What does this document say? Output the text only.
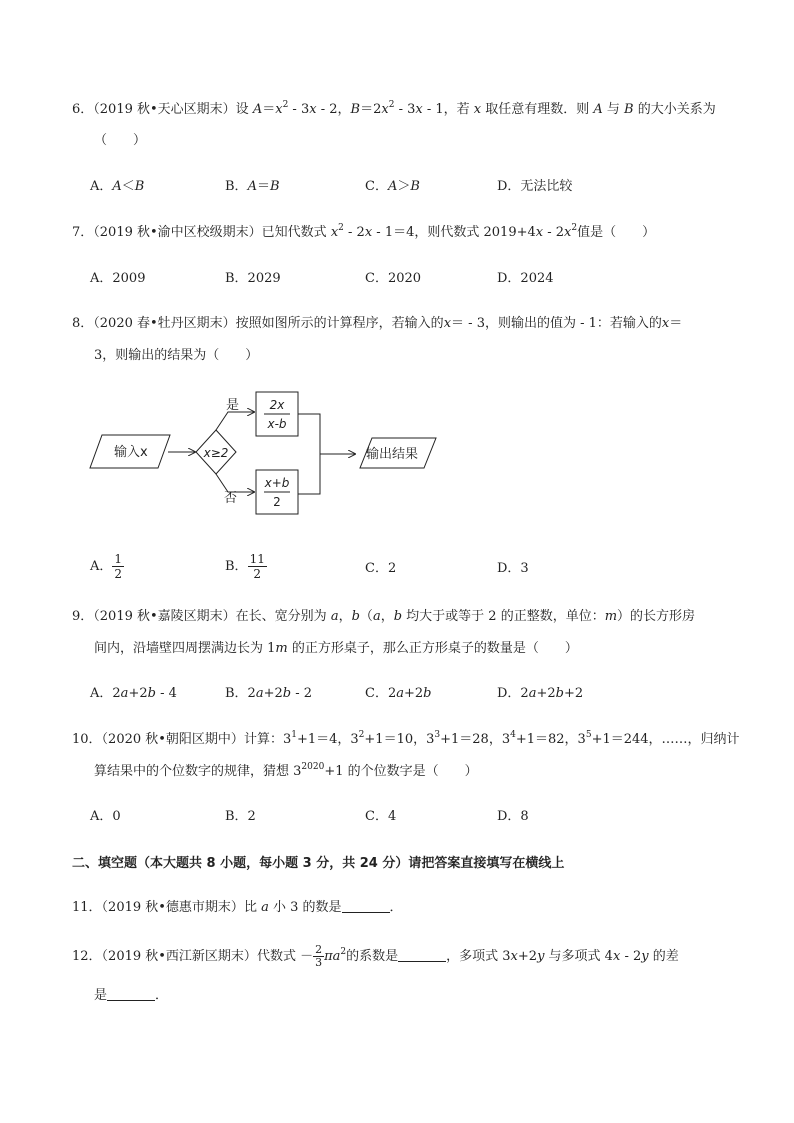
6．（2019 秋•天心区期末）设 $A=x^2 - 3x - 2$，$B=2x^2 - 3x - 1$，若 x 取任意有理数．则 A 与 B 的大小关系为
（　　）
A．A＜B	B．A＝B	C．A＞B	D．无法比较
7．（2019 秋•渝中区校级期末）已知代数式 $x^2 - 2x - 1=4$，则代数式 $2019+4x - 2x^2$值是（　　）
A．2009	B．2029	C．2020	D．2024
8．（2020 春•牡丹区期末）按照如图所示的计算程序，若输入的x＝ - 3，则输出的值为 - 1：若输入的x＝
3，则输出的结果为（　　）
输入x	x≥2
是
否
2x
x-b
x+b
2
输出结果
A． $\frac{1}{2}$	B． $\frac{11}{2}$	C．2	D．3
9．（2019 秋•嘉陵区期末）在长、宽分别为 a，b（a，b 均大于或等于 2 的正整数，单位：m）的长方形房
间内，沿墙壁四周摆满边长为 1m 的正方形桌子，那么正方形桌子的数量是（　　）
A．2a+2b - 4	B．2a+2b - 2	C．2a+2b	D．2a+2b+2
10．（2020 秋•朝阳区期中）计算：$3^1+1=4$，$3^2+1=10$，$3^3+1=28$，$3^4+1=82$，$3^5+1=244$，……，归纳计
算结果中的个位数字的规律，猜想 $3^{2020}+1$ 的个位数字是（　　）
A．0	B．2	C．4	D．8
二、填空题（本大题共 8 小题，每小题 3 分，共 24 分）请把答案直接填写在横线上
11．（2019 秋•德惠市期末）比 a 小 3 的数是	．
12．（2019 秋•西江新区期末）代数式 － $\frac{2}{3} \pi a^2$的系数是	，多项式 3x+2y 与多项式 4x - 2y 的差
是	．
